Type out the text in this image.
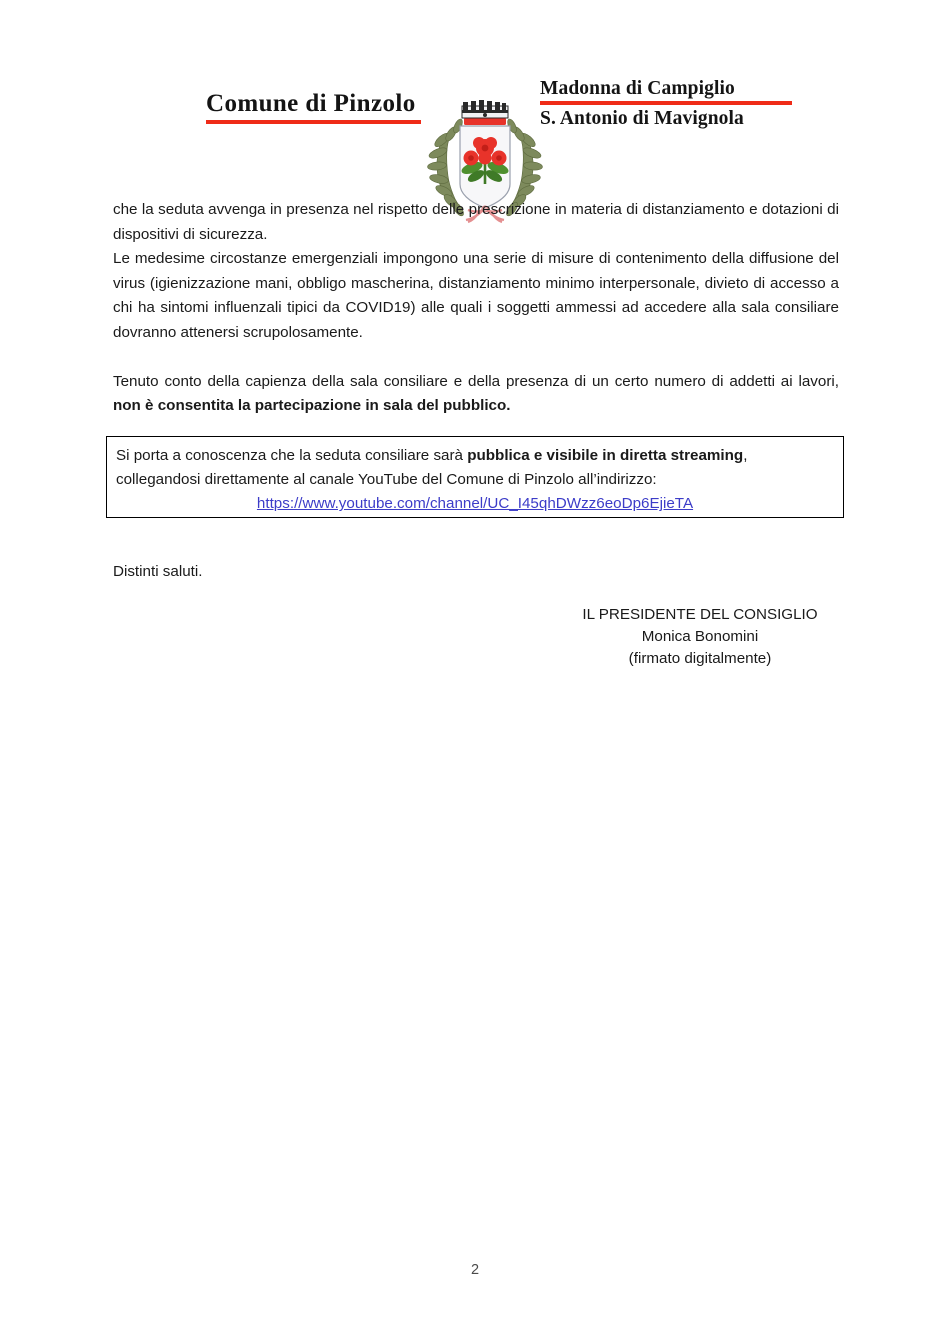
Comune di Pinzolo
Madonna di Campiglio
S. Antonio di Mavignola

che la seduta avvenga in presenza nel rispetto delle prescrizione in materia di distanziamento e dotazioni di dispositivi di sicurezza.

Le medesime circostanze emergenziali impongono una serie di misure di contenimento della diffusione del virus (igienizzazione mani, obbligo mascherina, distanziamento minimo interpersonale, divieto di accesso a chi ha sintomi influenzali tipici da COVID19) alle quali i soggetti ammessi ad accedere alla sala consiliare dovranno attenersi scrupolosamente.

Tenuto conto della capienza della sala consiliare e della presenza di un certo numero di addetti ai lavori, non è consentita la partecipazione in sala del pubblico.

Si porta a conoscenza che la seduta consiliare sarà pubblica e visibile in diretta streaming,

collegandosi direttamente al canale YouTube del Comune di Pinzolo all’indirizzo:

https://www.youtube.com/channel/UC_I45qhDWzz6eoDp6EjieTA

Distinti saluti.
IL PRESIDENTE DEL CONSIGLIO
Monica Bonomini
(firmato digitalmente)
2
